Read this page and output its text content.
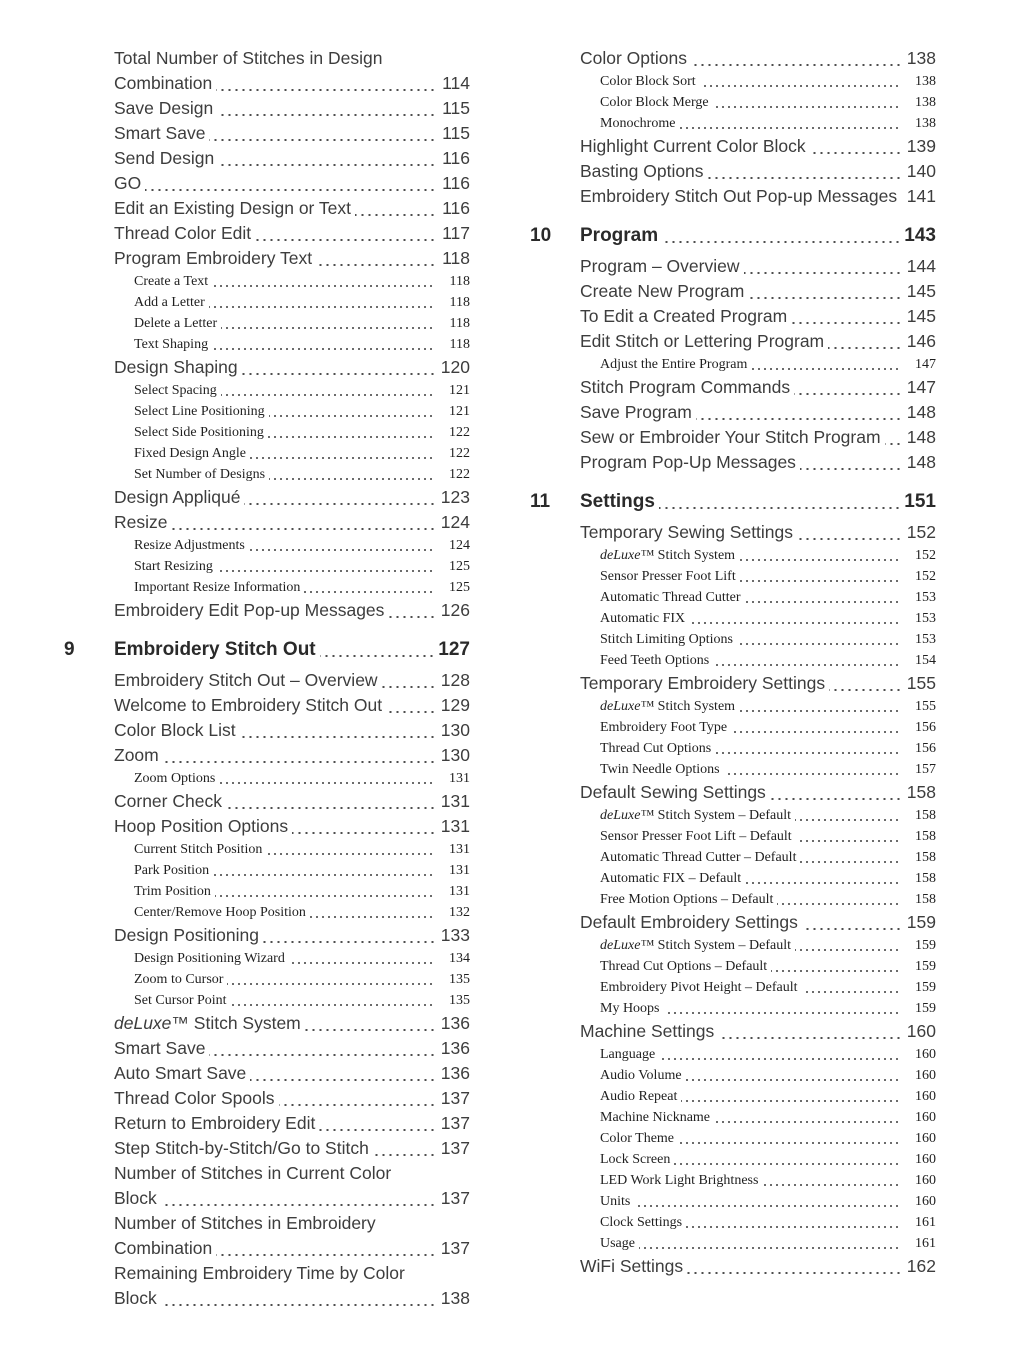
Total Number of Stitches in Design Combination	114
Save Design	115
Smart Save	115
Send Design	116
GO	116
Edit an Existing Design or Text	116
Thread Color Edit	117
Program Embroidery Text	118
Create a Text	118
Add a Letter	118
Delete a Letter	118
Text Shaping	118
Design Shaping	120
Select Spacing	121
Select Line Positioning	121
Select Side Positioning	122
Fixed Design Angle	122
Set Number of Designs	122
Design Appliqué	123
Resize	124
Resize Adjustments	124
Start Resizing	125
Important Resize Information	125
Embroidery Edit Pop-up Messages	126
9 Embroidery Stitch Out	127
Embroidery Stitch Out – Overview	128
Welcome to Embroidery Stitch Out	129
Color Block List	130
Zoom	130
Zoom Options	131
Corner Check	131
Hoop Position Options	131
Current Stitch Position	131
Park Position	131
Trim Position	131
Center/Remove Hoop Position	132
Design Positioning	133
Design Positioning Wizard	134
Zoom to Cursor	135
Set Cursor Point	135
deLuxe™ Stitch System	136
Smart Save	136
Auto Smart Save	136
Thread Color Spools	137
Return to Embroidery Edit	137
Step Stitch-by-Stitch/Go to Stitch	137
Number of Stitches in Current Color Block	137
Number of Stitches in Embroidery Combination	137
Remaining Embroidery Time by Color Block	138
Color Options	138
Color Block Sort	138
Color Block Merge	138
Monochrome	138
Highlight Current Color Block	139
Basting Options	140
Embroidery Stitch Out Pop-up Messages 141
10 Program	143
Program – Overview	144
Create New Program	145
To Edit a Created Program	145
Edit Stitch or Lettering Program	146
Adjust the Entire Program	147
Stitch Program Commands	147
Save Program	148
Sew or Embroider Your Stitch Program 148
Program Pop-Up Messages	148
11 Settings	151
Temporary Sewing Settings	152
deLuxe™ Stitch System	152
Sensor Presser Foot Lift	152
Automatic Thread Cutter	153
Automatic FIX	153
Stitch Limiting Options	153
Feed Teeth Options	154
Temporary Embroidery Settings	155
deLuxe™ Stitch System	155
Embroidery Foot Type	156
Thread Cut Options	156
Twin Needle Options	157
Default Sewing Settings	158
deLuxe™ Stitch System – Default	158
Sensor Presser Foot Lift – Default	158
Automatic Thread Cutter – Default	158
Automatic FIX – Default	158
Free Motion Options – Default	158
Default Embroidery Settings	159
deLuxe™ Stitch System – Default	159
Thread Cut Options – Default	159
Embroidery Pivot Height – Default	159
My Hoops	159
Machine Settings	160
Language	160
Audio Volume	160
Audio Repeat	160
Machine Nickname	160
Color Theme	160
Lock Screen	160
LED Work Light Brightness	160
Units	160
Clock Settings	161
Usage	161
WiFi Settings	162
